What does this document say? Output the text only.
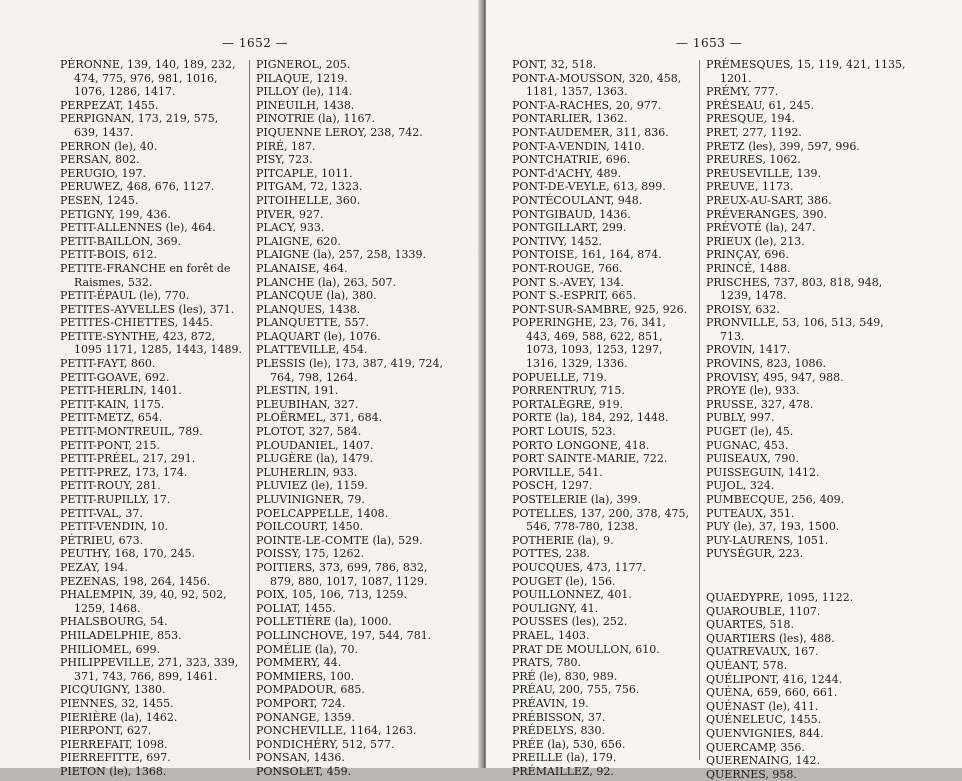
— 1652 —
PÉRONNE, 139, 140, 189, 232, 474, 775, 976, 981, 1016, 1076, 1286, 1417.
PERPEZAT, 1455.
PERPIGNAN, 173, 219, 575, 639, 1437.
PERRON (le), 40.
PERSAN, 802.
PERUGIO, 197.
PERUWEZ, 468, 676, 1127.
PESEN, 1245.
PETIGNY, 199, 436.
PETIT-ALLENNES (le), 464.
PETIT-BAILLON, 369.
PETIT-BOIS, 612.
PETITE-FRANCHE en forêt de Raismes, 532.
PETIT-ÉPAUL (le), 770.
PETITES-AYVELLES (les), 371.
PETITES-CHIETTES, 1445.
PETITE-SYNTHE, 423, 872, 1095 1171, 1285, 1443, 1489.
PETIT-FAYT, 860.
PETIT-GOAVE, 692.
PETIT-HERLIN, 1401.
PETIT-KAIN, 1175.
PETIT-METZ, 654.
PETIT-MONTREUIL, 789.
PETIT-PONT, 215.
PETIT-PRÉEL, 217, 291.
PETIT-PREZ, 173, 174.
PETIT-ROUY, 281.
PETIT-RUPILLY, 17.
PETIT-VAL, 37.
PETIT-VENDIN, 10.
PÉTRIEU, 673.
PEUTHY, 168, 170, 245.
PEZAY, 194.
PEZENAS, 198, 264, 1456.
PHALEMPIN, 39, 40, 92, 502, 1259, 1468.
PHALSBOURG, 54.
PHILADELPHIE, 853.
PHILIOMEL, 699.
PHILIPPEVILLE, 271, 323, 339, 371, 743, 766, 899, 1461.
PICQUIGNY, 1380.
PIENNES, 32, 1455.
PIERIÈRE (la), 1462.
PIERPONT, 627.
PIERREFAIT, 1098.
PIERREFITTE, 697.
PIETON (le), 1368.
PIGNEROL, 205.
PILAQUE, 1219.
PILLOY (le), 114.
PINEUILH, 1438.
PINOTRIE (la), 1167.
PIQUENNE LEROY, 238, 742.
PIRÉ, 187.
PISY, 723.
PITCAPLE, 1011.
PITGAM, 72, 1323.
PITOIHELLE, 360.
PIVER, 927.
PLACY, 933.
PLAIGNE, 620.
PLAIGNE (la), 257, 258, 1339.
PLANAISE, 464.
PLANCHE (la), 263, 507.
PLANCQUE (la), 380.
PLANQUES, 1438.
PLANQUETTE, 557.
PLAQUART (le), 1076.
PLATTEVILLE, 454.
PLESSIS (le), 173, 387, 419, 724, 764, 798, 1264.
PLESTIN, 191.
PLEUBIHAN, 327.
PLOËRMEL, 371, 684.
PLOTOT, 327, 584.
PLOUDANIEL, 1407.
PLUGÈRE (la), 1479.
PLUHERLIN, 933.
PLUVIEZ (le), 1159.
PLUVINIGNER, 79.
POELCAPPELLE, 1408.
POILCOURT, 1450.
POINTE-LE-COMTE (la), 529.
POISSY, 175, 1262.
POITIERS, 373, 699, 786, 832, 879, 880, 1017, 1087, 1129.
POIX, 105, 106, 713, 1259.
POLIAT, 1455.
POLLETIÈRE (la), 1000.
POLLINCHOVE, 197, 544, 781.
POMÉLIE (la), 70.
POMMERY, 44.
POMMIERS, 100.
POMPADOUR, 685.
POMPORT, 724.
PONANGE, 1359.
PONCHEVILLE, 1164, 1263.
PONDICHÉRY, 512, 577.
PONSAN, 1436.
PONSOLET, 459.
— 1653 —
PONT, 32, 518.
PONT-A-MOUSSON, 320, 458, 1181, 1357, 1363.
PONT-A-RACHES, 20, 977.
PONTARLIER, 1362.
PONT-AUDEMER, 311, 836.
PONT-A-VENDIN, 1410.
PONTCHATRIE, 696.
PONT-d'ACHY, 489.
PONT-DE-VEYLE, 613, 899.
PONTÉCOULANT, 948.
PONTGIBAUD, 1436.
PONTGILLART, 299.
PONTIVY, 1452.
PONTOISE, 161, 164, 874.
PONT-ROUGE, 766.
PONT S.-AVEY, 134.
PONT S.-ESPRIT, 665.
PONT-SUR-SAMBRE, 925, 926.
POPERINGHE, 23, 76, 341, 443, 469, 588, 622, 851, 1073, 1093, 1253, 1297, 1316, 1329, 1336.
POPUELLE, 719.
PORRENTRUY, 715.
PORTALÈGRE, 919.
PORTE (la), 184, 292, 1448.
PORT LOUIS, 523.
PORTO LONGONE, 418.
PORT SAINTE-MARIE, 722.
PORVILLE, 541.
POSCH, 1297.
POSTELERIE (la), 399.
POTELLES, 137, 200, 378, 475, 546, 778-780, 1238.
POTHERIE (la), 9.
POTTES, 238.
POUCQUES, 473, 1177.
POUGET (le), 156.
POUILLONNEZ, 401.
POULIGNY, 41.
POUSSES (les), 252.
PRAEL, 1403.
PRAT DE MOULLON, 610.
PRATS, 780.
PRÉ (le), 830, 989.
PRÉAU, 200, 755, 756.
PRÉAVIN, 19.
PRÉBISSON, 37.
PRÉDELYS, 830.
PRÉE (la), 530, 656.
PREILLE (la), 179.
PRÉMAILLEZ, 92.
PRÉMESQUES, 15, 119, 421, 1135, 1201.
PRÉMY, 777.
PRÉSEAU, 61, 245.
PRESQUE, 194.
PRET, 277, 1192.
PRETZ (les), 399, 597, 996.
PREURES, 1062.
PREUSEVILLE, 139.
PREUVE, 1173.
PREUX-AU-SART, 386.
PRÉVERANGES, 390.
PRÉVOTÉ (la), 247.
PRIEUX (le), 213.
PRINÇAY, 696.
PRINCÉ, 1488.
PRISCHES, 737, 803, 818, 948, 1239, 1478.
PROISY, 632.
PRONVILLE, 53, 106, 513, 549, 713.
PROVIN, 1417.
PROVINS, 823, 1086.
PROVISY, 495, 947, 988.
PROYE (le), 933.
PRUSSE, 327, 478.
PUBLY, 997.
PUGET (le), 45.
PUGNAC, 453.
PUISEAUX, 790.
PUISSEGUIN, 1412.
PUJOL, 324.
PUMBECQUE, 256, 409.
PUTEAUX, 351.
PUY (le), 37, 193, 1500.
PUY-LAURENS, 1051.
PUYSÉGUR, 223.
QUAEDYPRE, 1095, 1122.
QUAROUBLE, 1107.
QUARTES, 518.
QUARTIERS (les), 488.
QUATREVAUX, 167.
QUÉANT, 578.
QUÉLIPONT, 416, 1244.
QUÉNA, 659, 660, 661.
QUÉNAST (le), 411.
QUÉNELEUC, 1455.
QUENVIGNIES, 844.
QUERCAMP, 356.
QUERENAING, 142.
QUERNES, 958.
